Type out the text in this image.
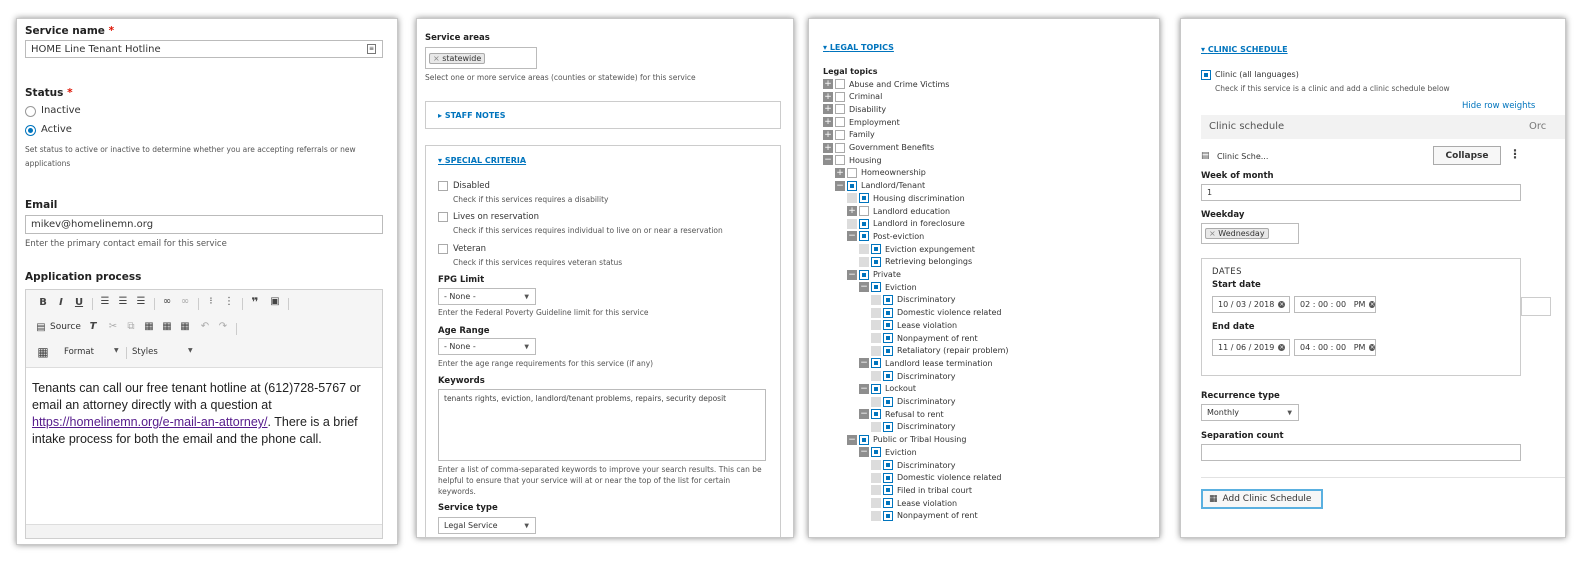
Service name *
HOME Line Tenant Hotline	≡
Status *
Inactive
Active
Set status to active or inactive to determine whether you are accepting referrals or new
applications
Email
mikev@homelinemn.org
Enter the primary contact email for this service
Application process
B	I	U ☰ ☰ ☰ ∞ ∞	⁝	⋮ ❞	▣
▤ Source T	✂	⧉ ▦ ▦ ▦ ↶ ↷
▦ Format	▼ Styles	▼
Tenants can call our free tenant hotline at (612)728-5767 or email an attorney directly with a question at https://homelinemn.org/e-mail-an-attorney/. There is a brief intake process for both the email and the phone call.
Service areas
× statewide
Select one or more service areas (counties or statewide) for this service
▸ STAFF NOTES
▾ SPECIAL CRITERIA
Disabled
Check if this services requires a disability
Lives on reservation
Check if this services requires individual to live on or near a reservation
Veteran
Check if this services requires veteran status
FPG Limit
- None -	▼
Enter the Federal Poverty Guideline limit for this service
Age Range
- None -	▼
Enter the age range requirements for this service (if any)
Keywords
tenants rights, eviction, landlord/tenant problems, repairs, security deposit
Enter a list of comma-separated keywords to improve your search results. This can be
helpful to ensure that your service will at or near the top of the list for certain
keywords.
Service type
Legal Service	▼
▾ LEGAL TOPICS
Legal topics
+ Abuse and Crime Victims
+ Criminal
+ Disability
+ Employment
+ Family
+ Government Benefits
− Housing
+ Homeownership
− Landlord/Tenant
Housing discrimination
+ Landlord education
Landlord in foreclosure
− Post-eviction
Eviction expungement
Retrieving belongings
− Private
− Eviction
Discriminatory
Domestic violence related
Lease violation
Nonpayment of rent
Retaliatory (repair problem)
− Landlord lease termination
Discriminatory
− Lockout
Discriminatory
− Refusal to rent
Discriminatory
− Public or Tribal Housing
− Eviction
Discriminatory
Domestic violence related
Filed in tribal court
Lease violation
Nonpayment of rent
▾ CLINIC SCHEDULE
Clinic (all languages)
Check if this service is a clinic and add a clinic schedule below
Hide row weights
Clinic schedule	Orc
▤ Clinic Sche...	Collapse	⋮
Week of month
1
Weekday
× Wednesday
DATES
Start date
10 / 03 / 2018 × 02 : 00 : 00   PM ×
End date
11 / 06 / 2019 × 04 : 00 : 00   PM ×
Recurrence type
Monthly	▼
Separation count
▦ Add Clinic Schedule
